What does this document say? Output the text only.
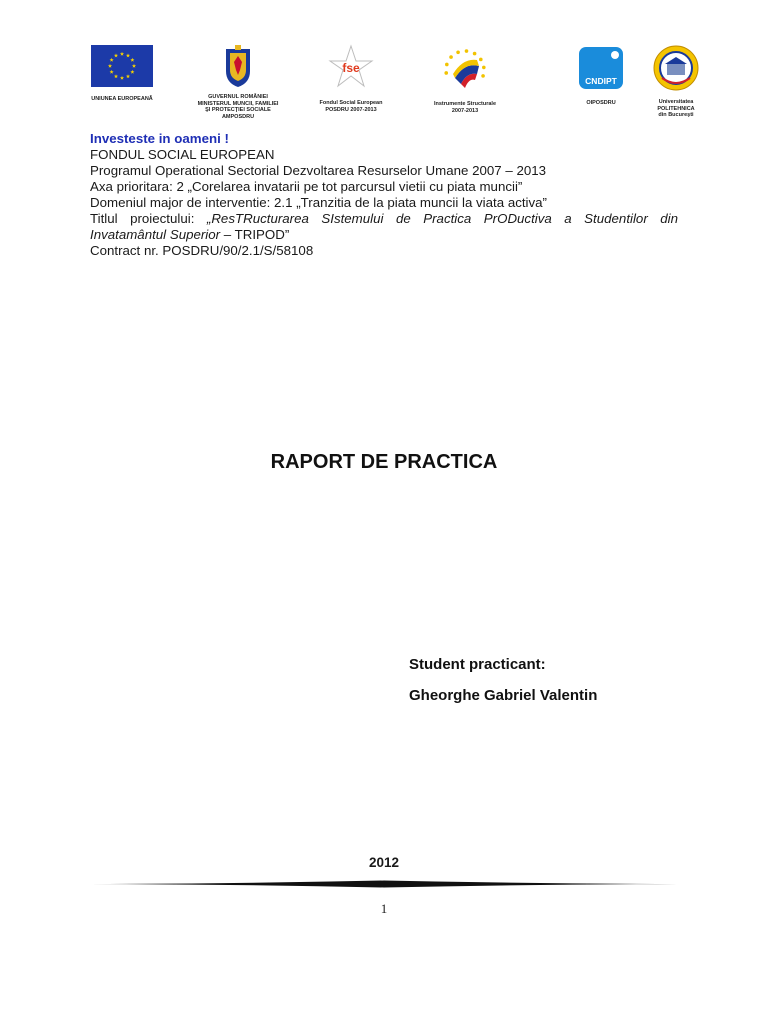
UNIUNEA EUROPEANĂ	GUVERNUL ROMÂNIEI
MINISTERUL MUNCII, FAMILIEI
ŞI PROTECŢIEI SOCIALE
AMPOSDRU
fse
Fondul Social European
POSDRU 2007-2013
Instrumente Structurale
2007-2013
CNDIPT
OIPOSDRU	Universitatea
POLITEHNICA
din Bucureşti
Investeste in oameni !
FONDUL SOCIAL EUROPEAN
Programul Operational Sectorial Dezvoltarea Resurselor Umane 2007 – 2013
Axa prioritara: 2 „Corelarea invatarii pe tot parcursul vietii cu piata muncii”
Domeniul major de interventie: 2.1 „Tranzitia de la piata muncii la viata activa”
Titlul proiectului: „ResTRucturarea SIstemului de Practica PrODuctiva a Studentilor din
Invatamântul Superior – TRIPOD”
Contract nr. POSDRU/90/2.1/S/58108
RAPORT DE PRACTICA
Student practicant:
Gheorghe Gabriel Valentin
2012
1
